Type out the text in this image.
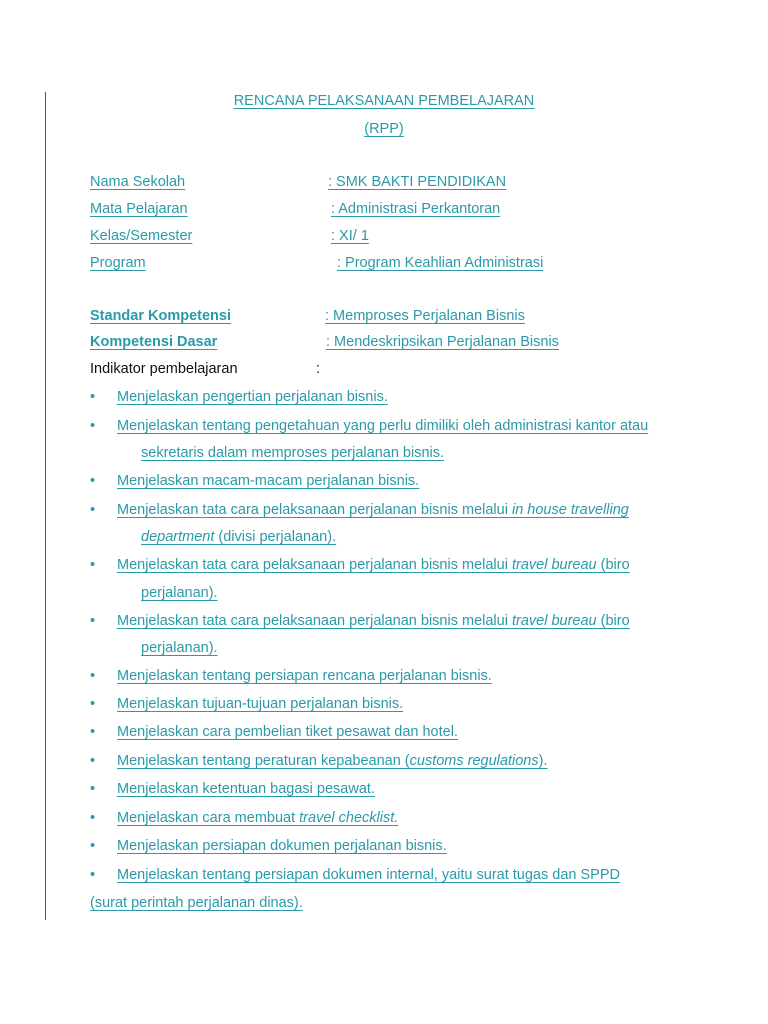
RENCANA PELAKSANAAN PEMBELAJARAN
(RPP)
Nama Sekolah	: SMK BAKTI PENDIDIKAN
Mata Pelajaran	: Administrasi Perkantoran
Kelas/Semester	: XI/ 1
Program	: Program Keahlian Administrasi
Standar Kompetensi	: Memproses Perjalanan Bisnis
Kompetensi Dasar	: Mendeskripsikan Perjalanan Bisnis
Indikator pembelajaran	:
• Menjelaskan pengertian perjalanan bisnis.
• Menjelaskan tentang pengetahuan yang perlu dimiliki oleh administrasi kantor atau
sekretaris dalam memproses perjalanan bisnis.
• Menjelaskan macam-macam perjalanan bisnis.
• Menjelaskan tata cara pelaksanaan perjalanan bisnis melalui in house travelling
department (divisi perjalanan).
• Menjelaskan tata cara pelaksanaan perjalanan bisnis melalui travel bureau (biro
perjalanan).
• Menjelaskan tata cara pelaksanaan perjalanan bisnis melalui travel bureau (biro
perjalanan).
• Menjelaskan tentang persiapan rencana perjalanan bisnis.
• Menjelaskan tujuan-tujuan perjalanan bisnis.
• Menjelaskan cara pembelian tiket pesawat dan hotel.
• Menjelaskan tentang peraturan kepabeanan (customs regulations).
• Menjelaskan ketentuan bagasi pesawat.
• Menjelaskan cara membuat travel checklist.
• Menjelaskan persiapan dokumen perjalanan bisnis.
• Menjelaskan tentang persiapan dokumen internal, yaitu surat tugas dan SPPD
(surat perintah perjalanan dinas).
